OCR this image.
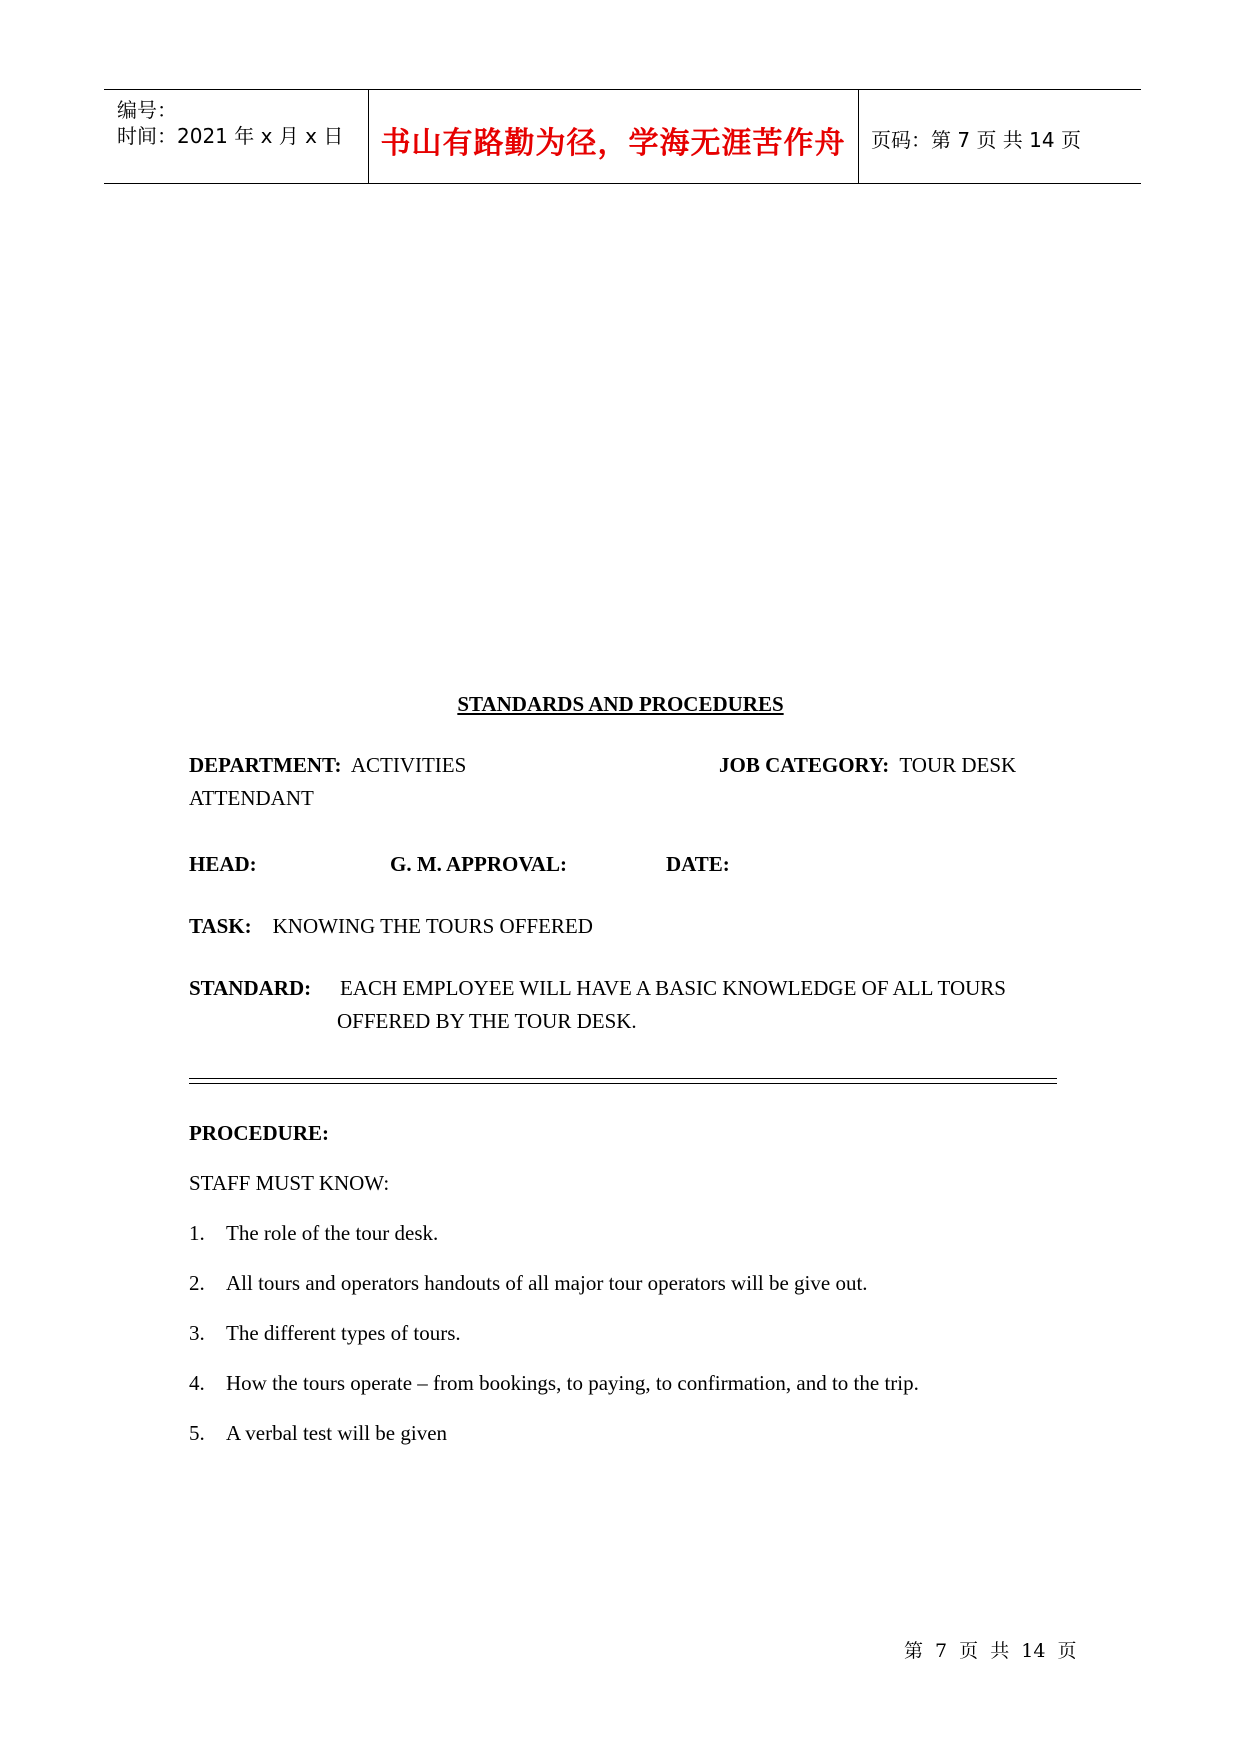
编号：
时间：2021 年 x 月 x 日	书山有路勤为径，学海无涯苦作舟	页码：第 7 页 共 14 页
STANDARDS AND PROCEDURES
DEPARTMENT: ACTIVITIES	JOB CATEGORY: TOUR DESK
ATTENDANT
HEAD:	G. M. APPROVAL:	DATE:
TASK: KNOWING THE TOURS OFFERED
STANDARD: EACH EMPLOYEE WILL HAVE A BASIC KNOWLEDGE OF ALL TOURS
OFFERED BY THE TOUR DESK.
PROCEDURE:
STAFF MUST KNOW:
1. The role of the tour desk.
2. All tours and operators handouts of all major tour operators will be give out.
3. The different types of tours.
4. How the tours operate – from bookings, to paying, to confirmation, and to the trip.
5. A verbal test will be given
第 7 页 共 14 页
